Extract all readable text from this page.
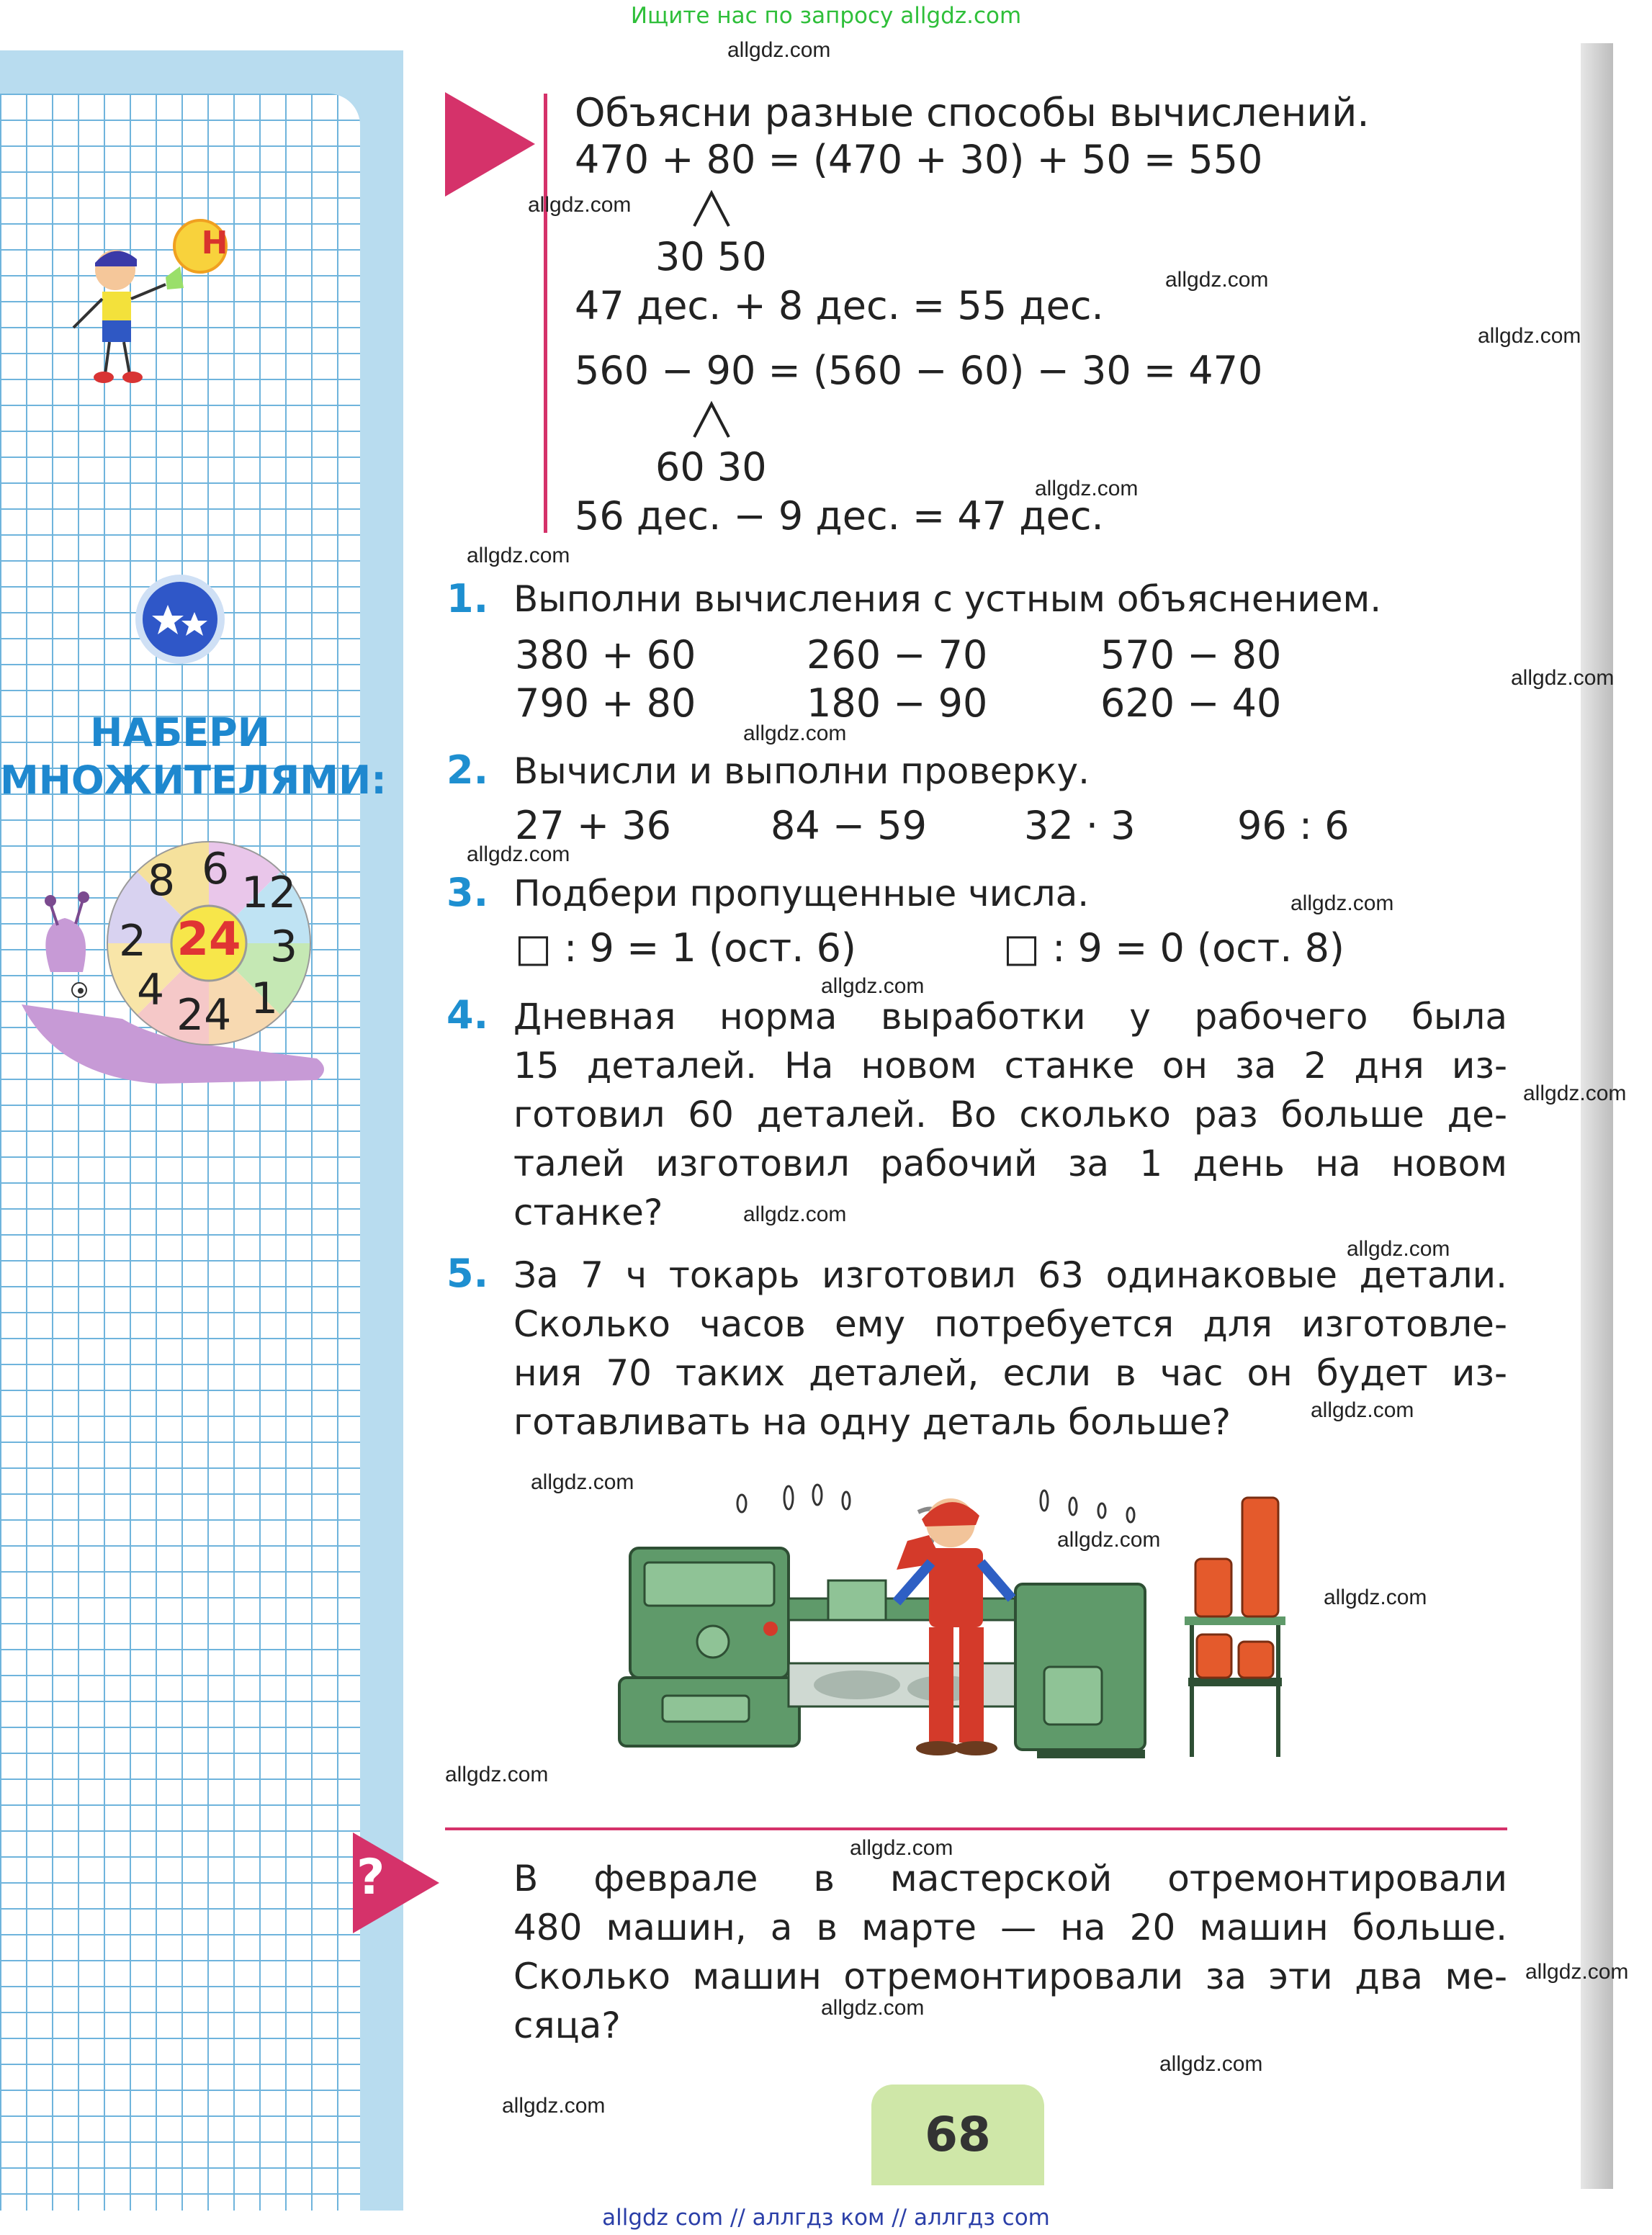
Ищите нас по запросу allgdz.com
allgdz com // аллгдз ком // аллгдз com
Н
НАБЕРИ
МНОЖИТЕЛЯМИ:
24
8 6 12
3
1
24
4
2
Объясни разные способы вычислений.
470 + 80 = (470 + 30) + 50 = 550
30 50
47 дес. + 8 дес. = 55 дес.
560 − 90 = (560 − 60) − 30 = 470
60 30
56 дес. − 9 дес. = 47 дес.
1. Выполни вычисления с устным объяснением.
380 + 60	260 − 70	570 − 80
790 + 80	180 − 90	620 − 40
2. Вычисли и выполни проверку.
27 + 36	84 − 59 32 · 3	96 : 6
3. Подбери пропущенные числа.
□ : 9 = 1 (ост. 6)	□ : 9 = 0 (ост. 8)
4. Дневная норма выработки у рабочего была
15 деталей. На новом станке он за 2 дня из-
готовил 60 деталей. Во сколько раз больше де-
талей изготовил рабочий за 1 день на новом
станке?
5. За 7 ч токарь изготовил 63 одинаковые детали.
Сколько часов ему потребуется для изготовле-
ния 70 таких деталей, если в час он будет из-
готавливать на одну деталь больше?
?	В феврале в мастерской отремонтировали
480 машин, а в марте — на 20 машин больше.
Сколько машин отремонтировали за эти два ме-
сяца?
68
allgdz.com
allgdz.com
allgdz.com
allgdz.com
allgdz.com
allgdz.com
allgdz.com
allgdz.com
allgdz.com
allgdz.com
allgdz.com
allgdz.com
allgdz.com
allgdz.com
allgdz.com
allgdz.com
allgdz.com
allgdz.com
allgdz.com
allgdz.com
allgdz.com
allgdz.com
allgdz.com
allgdz.com
